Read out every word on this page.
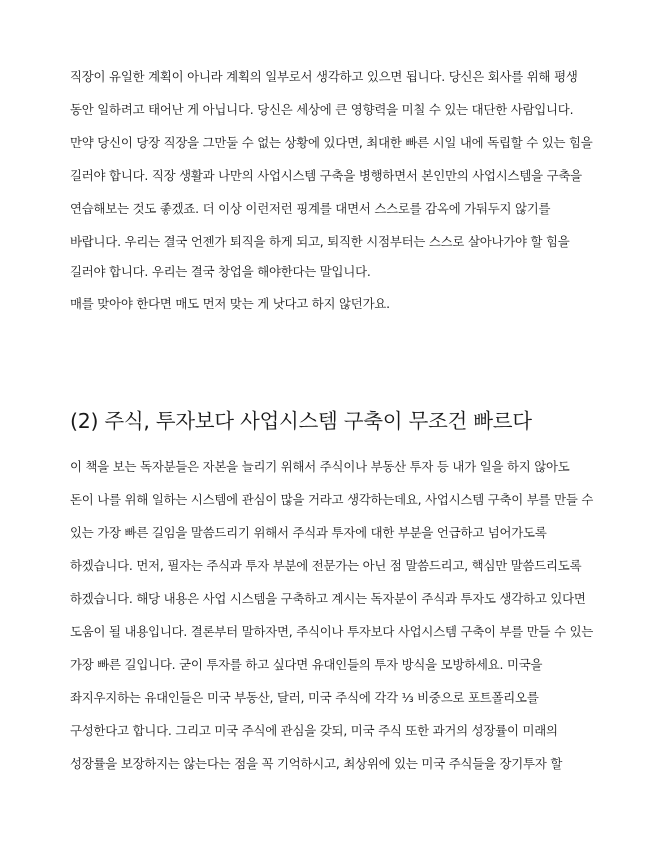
직장이 유일한 계획이 아니라 계획의 일부로서 생각하고 있으면 됩니다. 당신은 회사를 위해 평생
동안 일하려고 태어난 게 아닙니다. 당신은 세상에 큰 영향력을 미칠 수 있는 대단한 사람입니다.
만약 당신이 당장 직장을 그만둘 수 없는 상황에 있다면, 최대한 빠른 시일 내에 독립할 수 있는 힘을
길러야 합니다. 직장 생활과 나만의 사업시스템 구축을 병행하면서 본인만의 사업시스템을 구축을
연습해보는 것도 좋겠죠. 더 이상 이런저런 핑계를 대면서 스스로를 감옥에 가둬두지 않기를
바랍니다. 우리는 결국 언젠가 퇴직을 하게 되고, 퇴직한 시점부터는 스스로 살아나가야 할 힘을
길러야 합니다. 우리는 결국 창업을 해야한다는 말입니다.
매를 맞아야 한다면 매도 먼저 맞는 게 낫다고 하지 않던가요.
(2) 주식, 투자보다 사업시스템 구축이 무조건 빠르다
이 책을 보는 독자분들은 자본을 늘리기 위해서 주식이나 부동산 투자 등 내가 일을 하지 않아도
돈이 나를 위해 일하는 시스템에 관심이 많을 거라고 생각하는데요, 사업시스템 구축이 부를 만들 수
있는 가장 빠른 길임을 말씀드리기 위해서 주식과 투자에 대한 부분을 언급하고 넘어가도록
하겠습니다. 먼저, 필자는 주식과 투자 부분에 전문가는 아닌 점 말씀드리고, 핵심만 말씀드리도록
하겠습니다. 해당 내용은 사업 시스템을 구축하고 계시는 독자분이 주식과 투자도 생각하고 있다면
도움이 될 내용입니다. 결론부터 말하자면, 주식이나 투자보다 사업시스템 구축이 부를 만들 수 있는
가장 빠른 길입니다. 굳이 투자를 하고 싶다면 유대인들의 투자 방식을 모방하세요. 미국을
좌지우지하는 유대인들은 미국 부동산, 달러, 미국 주식에 각각 ⅓ 비중으로 포트폴리오를
구성한다고 합니다. 그리고 미국 주식에 관심을 갖되, 미국 주식 또한 과거의 성장률이 미래의
성장률을 보장하지는 않는다는 점을 꼭 기억하시고, 최상위에 있는 미국 주식들을 장기투자 할
